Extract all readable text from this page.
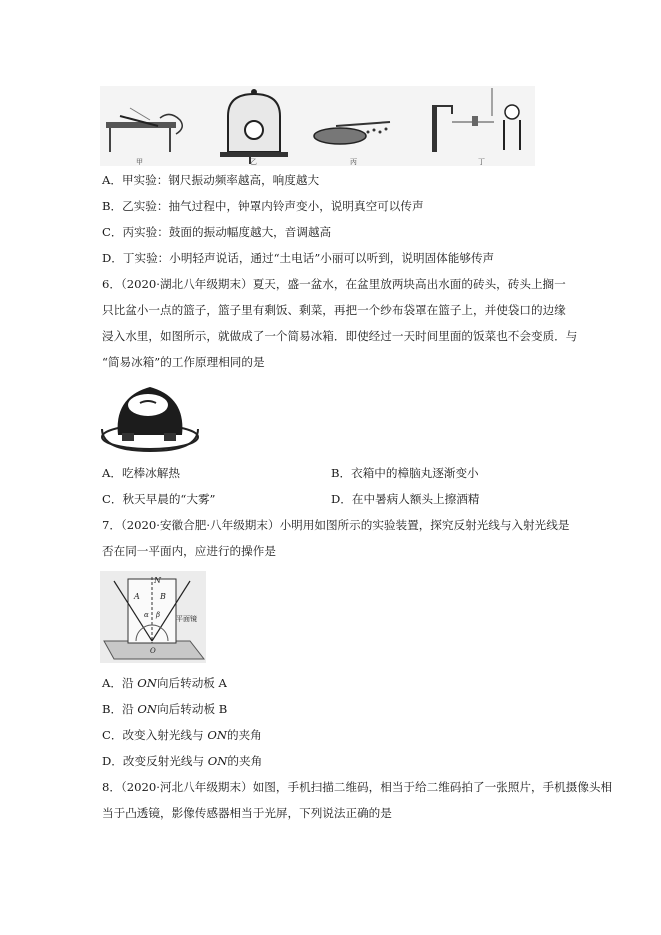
甲	乙	丙	丁
A．甲实验：钢尺振动频率越高，响度越大
B．乙实验：抽气过程中，钟罩内铃声变小，说明真空可以传声
C．丙实验：鼓面的振动幅度越大，音调越高
D．丁实验：小明轻声说话，通过“土电话”小丽可以听到，说明固体能够传声
6．（2020·湖北八年级期末）夏天，盛一盆水，在盆里放两块高出水面的砖头，砖头上搁一
只比盆小一点的篮子，篮子里有剩饭、剩菜，再把一个纱布袋罩在篮子上，并使袋口的边缘
浸入水里，如图所示，就做成了一个简易冰箱．即使经过一天时间里面的饭菜也不会变质．与
“简易冰箱”的工作原理相同的是
A．吃棒冰解热	B．衣箱中的樟脑丸逐渐变小
C．秋天早晨的“大雾”	D．在中暑病人额头上擦酒精
7．（2020·安徽合肥·八年级期末）小明用如图所示的实验装置，探究反射光线与入射光线是
否在同一平面内，应进行的操作是
N
A	B
α β
O
平面镜
A．沿 ON向后转动板 A
B．沿 ON向后转动板 B
C．改变入射光线与 ON的夹角
D．改变反射光线与 ON的夹角
8．（2020·河北八年级期末）如图，手机扫描二维码，相当于给二维码拍了一张照片，手机摄像头相
当于凸透镜，影像传感器相当于光屏，下列说法正确的是
